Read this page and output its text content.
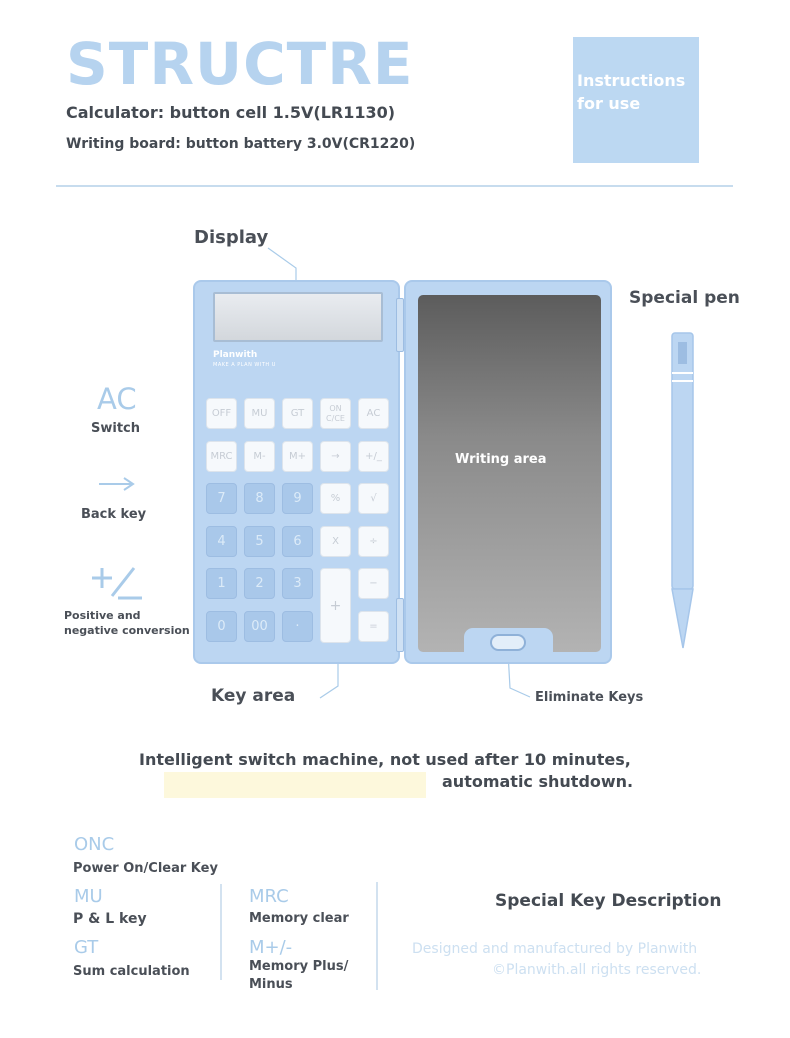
STRUCTRE
Calculator: button cell 1.5V(LR1130)
Writing board: button battery 3.0V(CR1220)
Instructions for use
Display
Special pen
Key area	Eliminate Keys
AC
Switch
Back key
Positive and
negative conversion
Planwith
MAKE A PLAN WITH U
OFF	MU	GT	ON C/CE	AC
MRC	M-	M+	→	+/_
7	8	9	%	√
4	5	6	X	÷
1	2	3
+
−
0	00	·	=
Writing area
Intelligent switch machine, not used after 10 minutes,
automatic shutdown.
ONC
Power On/Clear Key
MU
P & L key
GT
Sum calculation
MRC
Memory clear
M+/-
Memory Plus/ Minus
Special Key Description
Designed and manufactured by Planwith
©Planwith.all rights reserved.
